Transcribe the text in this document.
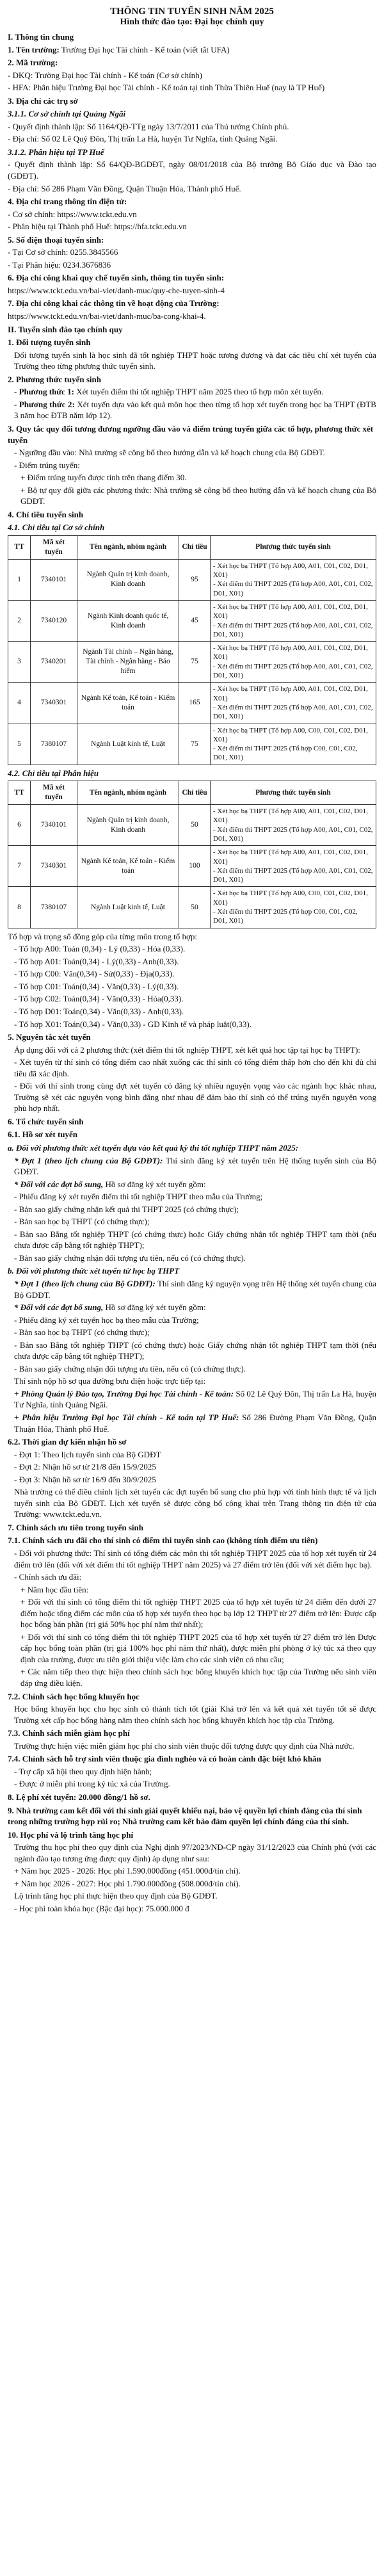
THÔNG TIN TUYỂN SINH NĂM 2025
Hình thức đào tạo: Đại học chính quy
I. Thông tin chung

1. Tên trường: Trường Đại học Tài chính - Kế toán (viết tắt UFA)

2. Mã trường:

- DKQ: Trường Đại học Tài chính - Kế toán (Cơ sở chính)

- HFA: Phân hiệu Trường Đại học Tài chính - Kế toán tại tỉnh Thừa Thiên Huế (nay là TP Huế)

3. Địa chỉ các trụ sở
3.1.1. Cơ sở chính tại Quảng Ngãi

- Quyết định thành lập: Số 1164/QĐ-TTg ngày 13/7/2011 của Thủ tướng Chính phủ.

- Địa chỉ: Số 02 Lê Quý Đôn, Thị trấn La Hà, huyện Tư Nghĩa, tỉnh Quảng Ngãi.

3.1.2. Phân hiệu tại TP Huế

- Quyết định thành lập: Số 64/QĐ-BGDĐT, ngày 08/01/2018 của Bộ trưởng Bộ Giáo dục và Đào tạo (GDĐT).

- Địa chỉ: Số 286 Phạm Văn Đồng, Quận Thuận Hóa, Thành phố Huế.

4. Địa chỉ trang thông tin điện tử:

- Cơ sở chính: https://www.tckt.edu.vn

- Phân hiệu tại Thành phố Huế: https://hfa.tckt.edu.vn

5. Số điện thoại tuyển sinh:

- Tại Cơ sở chính: 0255.3845566

- Tại Phân hiệu: 0234.3676836

6. Địa chỉ công khai quy chế tuyển sinh, thông tin tuyển sinh:

https://www.tckt.edu.vn/bai-viet/danh-muc/quy-che-tuyen-sinh-4

7. Địa chỉ công khai các thông tin về hoạt động của Trường:

https://www.tckt.edu.vn/bai-viet/danh-muc/ba-cong-khai-4.

II. Tuyển sinh đào tạo chính quy
1. Đối tượng tuyển sinh

Đối tượng tuyển sinh là học sinh đã tốt nghiệp THPT hoặc tương đương và đạt các tiêu chí xét tuyển của Trường theo từng phương thức tuyển sinh.

2. Phương thức tuyển sinh

- Phương thức 1: Xét tuyển điểm thi tốt nghiệp THPT năm 2025 theo tổ hợp môn xét tuyển.

- Phương thức 2: Xét tuyển dựa vào kết quả môn học theo từng tổ hợp xét tuyển trong học bạ THPT (ĐTB 3 năm học ĐTB năm lớp 12).

3. Quy tắc quy đổi tương đương ngưỡng đầu vào và điểm trúng tuyển giữa các tổ hợp, phương thức xét tuyển

- Ngưỡng đầu vào: Nhà trường sẽ công bố theo hướng dẫn và kế hoạch chung của Bộ GDĐT.

- Điểm trúng tuyển:

+ Điểm trúng tuyển được tính trên thang điểm 30.

+ Bộ tự quy đổi giữa các phương thức: Nhà trường sẽ công bố theo hướng dẫn và kế hoạch chung của Bộ GDĐT.

4. Chỉ tiêu tuyển sinh
4.1. Chỉ tiêu tại Cơ sở chính
TT	Mã xét tuyển	Tên ngành, nhóm ngành	Chỉ tiêu	Phương thức tuyển sinh
1	7340101	Ngành Quản trị kinh doanh, Kinh doanh	95	- Xét học bạ THPT (Tổ hợp A00, A01, C01, C02, D01, X01)
- Xét điểm thi THPT 2025 (Tổ hợp A00, A01, C01, C02, D01, X01)
2	7340120	Ngành Kinh doanh quốc tế, Kinh doanh	45	- Xét học bạ THPT (Tổ hợp A00, A01, C01, C02, D01, X01)
- Xét điểm thi THPT 2025 (Tổ hợp A00, A01, C01, C02, D01, X01)
3	7340201	Ngành Tài chính – Ngân hàng, Tài chính - Ngân hàng - Bảo hiểm	75	- Xét học bạ THPT (Tổ hợp A00, A01, C01, C02, D01, X01)
- Xét điểm thi THPT 2025 (Tổ hợp A00, A01, C01, C02, D01, X01)
4	7340301	Ngành Kế toán, Kế toán - Kiểm toán	165	- Xét học bạ THPT (Tổ hợp A00, A01, C01, C02, D01, X01)
- Xét điểm thi THPT 2025 (Tổ hợp A00, A01, C01, C02, D01, X01)
5	7380107	Ngành Luật kinh tế, Luật	75	- Xét học bạ THPT (Tổ hợp A00, C00, C01, C02, D01, X01)
- Xét điểm thi THPT 2025 (Tổ hợp C00, C01, C02, D01, X01)
4.2. Chỉ tiêu tại Phân hiệu
TT	Mã xét tuyển	Tên ngành, nhóm ngành	Chỉ tiêu	Phương thức tuyển sinh
6	7340101	Ngành Quản trị kinh doanh, Kinh doanh	50	- Xét học bạ THPT (Tổ hợp A00, A01, C01, C02, D01, X01)
- Xét điểm thi THPT 2025 (Tổ hợp A00, A01, C01, C02, D01, X01)
7	7340301	Ngành Kế toán, Kế toán - Kiểm toán	100	- Xét học bạ THPT (Tổ hợp A00, A01, C01, C02, D01, X01)
- Xét điểm thi THPT 2025 (Tổ hợp A00, A01, C01, C02, D01, X01)
8	7380107	Ngành Luật kinh tế, Luật	50	- Xét học bạ THPT (Tổ hợp A00, C00, C01, C02, D01, X01)
- Xét điểm thi THPT 2025 (Tổ hợp C00, C01, C02, D01, X01)

Tổ hợp và trọng số đồng góp của từng môn trong tổ hợp:

- Tổ hợp A00: Toán (0,34) - Lý (0,33) - Hóa (0,33).

- Tổ hợp A01: Toán(0,34) - Lý(0,33) - Anh(0,33).

- Tổ hợp C00: Văn(0,34) - Sử(0,33) - Địa(0,33).

- Tổ hợp C01: Toán(0,34) - Văn(0,33) - Lý(0,33).

- Tổ hợp C02: Toán(0,34) - Văn(0,33) - Hóa(0,33).

- Tổ hợp D01: Toán(0,34) - Văn(0,33) - Anh(0,33).

- Tổ hợp X01: Toán(0,34) - Văn(0,33) - GD Kinh tế và pháp luật(0,33).

5. Nguyên tắc xét tuyển

Áp dụng đối với cả 2 phương thức (xét điểm thi tốt nghiệp THPT, xét kết quả học tập tại học bạ THPT):

- Xét tuyển từ thí sinh có tổng điểm cao nhất xuống các thí sinh có tổng điểm thấp hơn cho đến khi đủ chỉ tiêu đã xác định.

- Đối với thí sinh trong cùng đợt xét tuyển có đăng ký nhiều nguyện vọng vào các ngành học khác nhau, Trường sẽ xét các nguyện vọng bình đẳng như nhau để đảm bảo thí sinh có thể trúng tuyển nguyện vọng phù hợp nhất.

6. Tổ chức tuyển sinh
6.1. Hồ sơ xét tuyển
a. Đối với phương thức xét tuyển dựa vào kết quả kỳ thi tốt nghiệp THPT năm 2025:

* Đợt 1 (theo lịch chung của Bộ GDĐT): Thí sinh đăng ký xét tuyển trên Hệ thống tuyển sinh của Bộ GDĐT.

* Đối với các đợt bổ sung, Hồ sơ đăng ký xét tuyển gồm:

- Phiếu đăng ký xét tuyển điểm thi tốt nghiệp THPT theo mẫu của Trường;

- Bản sao giấy chứng nhận kết quả thi THPT 2025 (có chứng thực);

- Bản sao học bạ THPT (có chứng thực);

- Bản sao Bằng tốt nghiệp THPT (có chứng thực) hoặc Giấy chứng nhận tốt nghiệp THPT tạm thời (nếu chưa được cấp bằng tốt nghiệp THPT);

- Bản sao giấy chứng nhận đối tượng ưu tiên, nếu có (có chứng thực).

b. Đối với phương thức xét tuyển từ học bạ THPT

* Đợt 1 (theo lịch chung của Bộ GDĐT): Thí sinh đăng ký nguyện vọng trên Hệ thống xét tuyển chung của Bộ GDĐT.

* Đối với các đợt bổ sung, Hồ sơ đăng ký xét tuyển gồm:

- Phiếu đăng ký xét tuyển học bạ theo mẫu của Trường;

- Bản sao học bạ THPT (có chứng thực);

- Bản sao Bằng tốt nghiệp THPT (có chứng thực) hoặc Giấy chứng nhận tốt nghiệp THPT tạm thời (nếu chưa được cấp bằng tốt nghiệp THPT);

- Bản sao giấy chứng nhận đối tượng ưu tiên, nếu có (có chứng thực).

Thí sinh nộp hồ sơ qua đường bưu điện hoặc trực tiếp tại:

+ Phòng Quản lý Đào tạo, Trường Đại học Tài chính - Kế toán: Số 02 Lê Quý Đôn, Thị trấn La Hà, huyện Tư Nghĩa, tỉnh Quảng Ngãi.

+ Phân hiệu Trường Đại học Tài chính - Kế toán tại TP Huế: Số 286 Đường Phạm Văn Đồng, Quận Thuận Hóa, Thành phố Huế.

6.2. Thời gian dự kiến nhận hồ sơ

- Đợt 1: Theo lịch tuyển sinh của Bộ GDĐT

- Đợt 2: Nhận hồ sơ từ 21/8 đến 15/9/2025

- Đợt 3: Nhận hồ sơ từ 16/9 đến 30/9/2025

Nhà trường có thể điều chỉnh lịch xét tuyển các đợt tuyển bổ sung cho phù hợp với tình hình thực tế và lịch tuyển sinh của Bộ GDĐT. Lịch xét tuyển sẽ được công bố công khai trên Trang thông tin điện tử của Trường: www.tckt.edu.vn.

7. Chính sách ưu tiên trong tuyển sinh
7.1. Chính sách ưu đãi cho thí sinh có điểm thi tuyển sinh cao (không tính điểm ưu tiên)

- Đối với phương thức: Thí sinh có tổng điểm các môn thi tốt nghiệp THPT 2025 của tổ hợp xét tuyển từ 24 điểm trở lên (đối với xét điểm thi tốt nghiệp THPT năm 2025) và 27 điểm trở lên (đối với xét điểm học bạ).

- Chính sách ưu đãi:

+ Năm học đầu tiên:

+ Đối với thí sinh có tổng điểm thi tốt nghiệp THPT 2025 của tổ hợp xét tuyển từ 24 điểm đến dưới 27 điểm hoặc tổng điểm các môn của tổ hợp xét tuyển theo học bạ lớp 12 THPT từ 27 điểm trở lên: Được cấp học bổng bán phần (trị giá 50% học phí năm thứ nhất);

+ Đối với thí sinh có tổng điểm thi tốt nghiệp THPT 2025 của tổ hợp xét tuyển từ 27 điểm trở lên Được cấp học bổng toàn phần (trị giá 100% học phí năm thứ nhất), được miễn phí phòng ở ký túc xá theo quy định của trường, được ưu tiên giới thiệu việc làm cho các sinh viên có nhu cầu;

+ Các năm tiếp theo thực hiện theo chính sách học bổng khuyến khích học tập của Trường nếu sinh viên đáp ứng điều kiện.

7.2. Chính sách học bổng khuyến học

Học bổng khuyến học cho học sinh có thành tích tốt (giải Khá trở lên và kết quả xét tuyển tốt sẽ được Trường xét cấp học bổng hàng năm theo chính sách học bổng khuyến khích học tập của Trường.

7.3. Chính sách miễn giảm học phí

Trường thực hiện việc miễn giảm học phí cho sinh viên thuộc đối tượng được quy định của Nhà nước.

7.4. Chính sách hỗ trợ sinh viên thuộc gia đình nghèo và có hoàn cảnh đặc biệt khó khăn

- Trợ cấp xã hội theo quy định hiện hành;

- Được ở miễn phí trong ký túc xá của Trường.

8. Lệ phí xét tuyển: 20.000 đồng/1 hồ sơ.
9. Nhà trường cam kết đối với thí sinh giải quyết khiếu nại, bảo vệ quyền lợi chính đáng của thí sinh trong những trường hợp rủi ro; Nhà trường cam kết bảo đảm quyền lợi chính đáng của thí sinh.
10. Học phí và lộ trình tăng học phí

Trường thu học phí theo quy định của Nghị định 97/2023/NĐ-CP ngày 31/12/2023 của Chính phủ (với các ngành đào tạo tương ứng được quy định) áp dụng như sau:

+ Năm học 2025 - 2026: Học phí 1.590.000đồng (451.000đ/tín chỉ).

+ Năm học 2026 - 2027: Học phí 1.790.000đồng (508.000đ/tín chỉ).

Lộ trình tăng học phí thực hiện theo quy định của Bộ GDĐT.

- Học phí toàn khóa học (Bậc đại học): 75.000.000 đ
